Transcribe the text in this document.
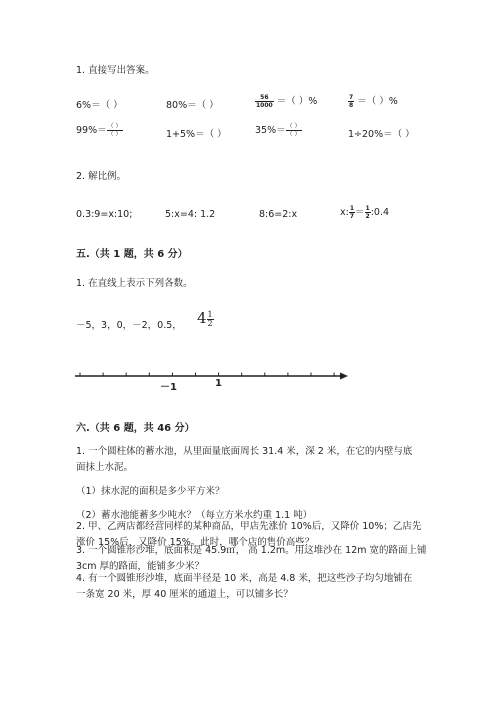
1. 直接写出答案。
6%＝（ ）	80%＝（ ）	$\frac{56}{1000}$ ＝（ ）%	$\frac{7}{8}$ ＝（ ）%
$99\%= \frac{( )}{( )}$	1+5%＝（ ）	$35\%= \frac{( )}{( )}$	1÷20%＝（ ）
2. 解比例。
0.3:9=x:10;	5:x=4: 1.2	8:6=2:x	x: $\frac{1}{7} = \frac{1}{2}$ :0.4
五.（共 1 题，共 6 分）
1. 在直线上表示下列各数。
－5，3，0，－2，0.5， $4 \frac{1}{2}$
－1	1
六.（共 6 题，共 46 分）
1. 一个圆柱体的蓄水池，从里面量底面周长 31.4 米，深 2 米，在它的内壁与底
面抹上水泥。
（1）抹水泥的面积是多少平方米？
（2）蓄水池能蓄多少吨水？（每立方米水约重 1.1 吨）
2. 甲、乙两店都经营同样的某种商品，甲店先涨价 10%后，又降价 10%；乙店先
涨价 15%后，又降价 15%。此时，哪个店的售价高些？
3. 一个圆锥形沙堆，底面积是 45.9㎡， 高 1.2m。用这堆沙在 12m 宽的路面上铺
3cm 厚的路面，能铺多少米？
4. 有一个圆锥形沙堆，底面半径是 10 米，高是 4.8 米，把这些沙子均匀地铺在
一条宽 20 米，厚 40 厘米的通道上，可以铺多长？
